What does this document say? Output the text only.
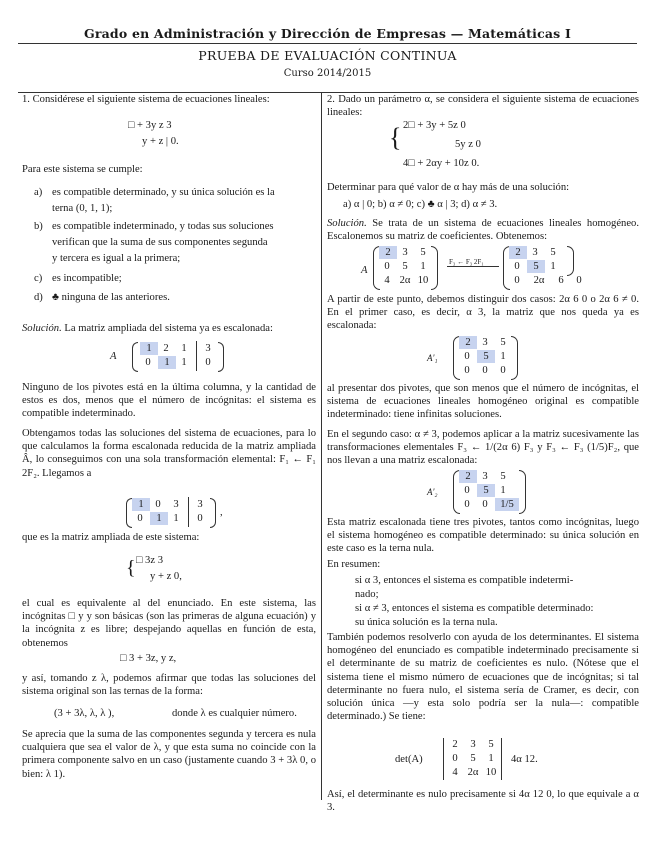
Grado en Administración y Dirección de Empresas — Matemáticas I
PRUEBA DE EVALUACIÓN CONTINUA
Curso 2014/2015
1. Considérese el siguiente sistema de ecuaciones lineales:
□ + 3y z 3
y + z | 0.
Para este sistema se cumple:
a) es compatible determinado, y su única solución es la
terna (0, 1, 1);
b) es compatible indeterminado, y todas sus soluciones
verifican que la suma de sus componentes segunda
y tercera es igual a la primera;
c) es incompatible;
d) ♣ ninguna de las anteriores.
Solución. La matriz ampliada del sistema ya es escalonada:
A
1	2	1	3
0	1	1	0
Ninguno de los pivotes está en la última columna, y la cantidad de estos es dos, menos que el número de incógnitas: el sistema es compatible indeterminado.
Obtengamos todas las soluciones del sistema de ecuaciones, para lo que calculamos la forma escalonada reducida de la matriz ampliada Â, lo conseguimos con una sola transformación elemental: F₁ ← F₁ 2F₂. Llegamos a
1	0	3	3
0	1	1	0
,
que es la matriz ampliada de este sistema:
{ □ 3z 3
y + z 0,
el cual es equivalente al del enunciado. En este sistema, las incógnitas □ y y son básicas (son las primeras de alguna ecuación) y la incógnita z es libre; despejando aquellas en función de esta, obtenemos
□ 3 + 3z, y z,
y así, tomando z λ, podemos afirmar que todas las soluciones del sistema original son las ternas de la forma:
(3 + 3λ, λ, λ ),	donde λ es cualquier número.
Se aprecia que la suma de las componentes segunda y tercera es nula cualquiera que sea el valor de λ, y que esta suma no coincide con la primera componente salvo en un caso (justamente cuando 3 + 3λ 0, o bien: λ 1).
2. Dado un parámetro α, se considera el siguiente sistema de ecuaciones lineales:
{ 2□ + 3y + 5z 0
5y z 0
4□ + 2αy + 10z 0.
Determinar para qué valor de α hay más de una solución:
a) α | 0; b) α ≠ 0; c) ♣ α | 3; d) α ≠ 3.
Solución. Se trata de un sistema de ecuaciones lineales homogéneo. Escalonemos su matriz de coeficientes. Obtenemos:
A
2	3	5
0	5	1
4 2α 10
F₃ ← F₃ 2F₁
2	3	5
0	5	1
0	2α	6	0
A partir de este punto, debemos distinguir dos casos: 2α 6 0 o 2α 6 ≠ 0. En el primer caso, es decir, α 3, la matriz que nos queda ya es escalonada:
A'₁
2	3	5
0	5	1
0	0	0
al presentar dos pivotes, que son menos que el número de incógnitas, el sistema de ecuaciones lineales homogéneo original es compatible indeterminado: tiene infinitas soluciones.
En el segundo caso: α ≠ 3, podemos aplicar a la matriz sucesivamente las transformaciones elementales F₃ ← 1/(2α 6) F₃ y F₃ ← F₃ (1/5)F₂, que nos llevan a una matriz escalonada:
A'₂
2	3	5
0	5	1
0	0	1/5
Esta matriz escalonada tiene tres pivotes, tantos como incógnitas, luego el sistema homogéneo es compatible determinado: su única solución en este caso es la terna nula.
En resumen:
si α 3, entonces el sistema es compatible indetermi-
nado;
si α ≠ 3, entonces el sistema es compatible determinado:
su única solución es la terna nula.
También podemos resolverlo con ayuda de los determinantes. El sistema homogéneo del enunciado es compatible indeterminado precisamente si el determinante de su matriz de coeficientes es nulo. (Nótese que el sistema tiene el mismo número de ecuaciones que de incógnitas; si tal determinante no fuera nulo, el sistema sería de Cramer, es decir, con solución única —y esta solo podría ser la nula—: compatible determinado.) Se tiene:
det(A)
2	3	5
0	5	1
4 2α 10
4α 12.
Así, el determinante es nulo precisamente si 4α 12 0, lo que equivale a α 3.
